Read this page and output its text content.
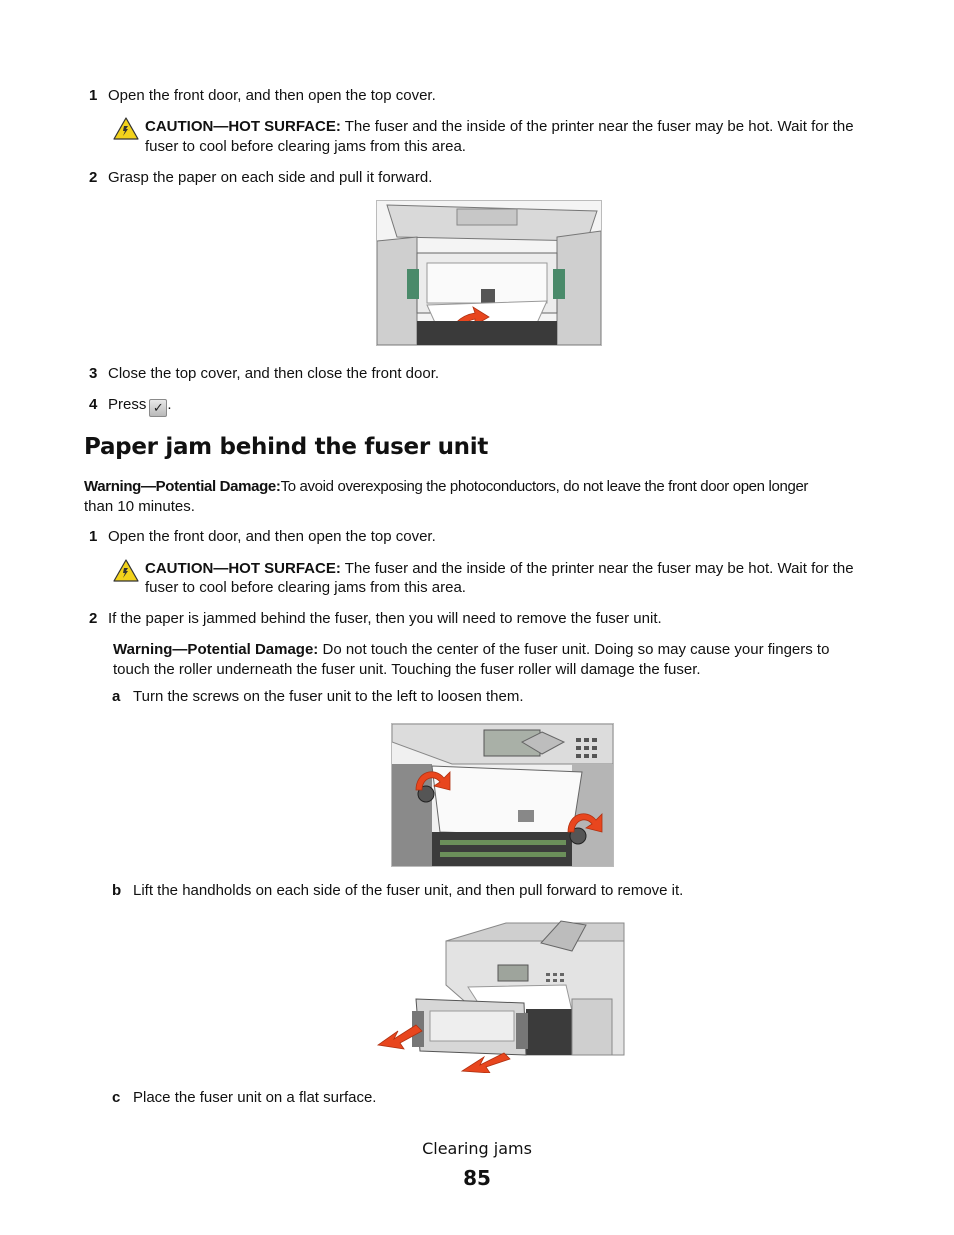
1 Open the front door, and then open the top cover.
CAUTION—HOT SURFACE: The fuser and the inside of the printer near the fuser may be hot. Wait for the
fuser to cool before clearing jams from this area.
2 Grasp the paper on each side and pull it forward.
3 Close the top cover, and then close the front door.
4 Press ✓ .
Paper jam behind the fuser unit
Warning—Potential Damage:To avoid overexposing the photoconductors, do not leave the front door open longer
than 10 minutes.
1 Open the front door, and then open the top cover.
CAUTION—HOT SURFACE: The fuser and the inside of the printer near the fuser may be hot. Wait for the
fuser to cool before clearing jams from this area.
2 If the paper is jammed behind the fuser, then you will need to remove the fuser unit.
Warning—Potential Damage: Do not touch the center of the fuser unit. Doing so may cause your fingers to
touch the roller underneath the fuser unit. Touching the fuser roller will damage the fuser.
a Turn the screws on the fuser unit to the left to loosen them.
b Lift the handholds on each side of the fuser unit, and then pull forward to remove it.
c Place the fuser unit on a flat surface.
Clearing jams
85
